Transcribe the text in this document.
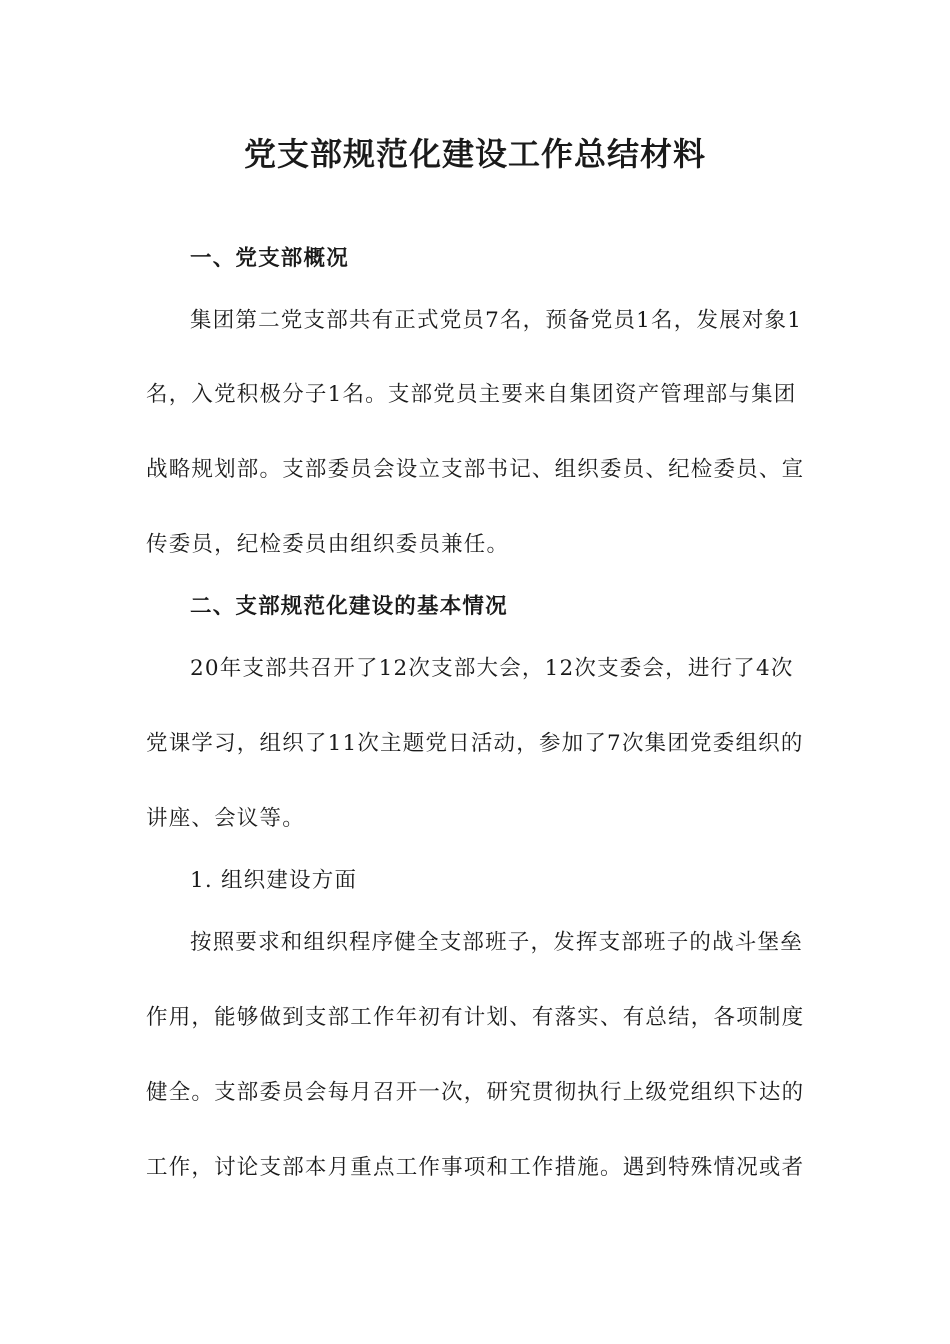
党支部规范化建设工作总结材料
一、党支部概况
集团第二党支部共有正式党员7名，预备党员1名，发展对象1
名，入党积极分子1名。支部党员主要来自集团资产管理部与集团
战略规划部。支部委员会设立支部书记、组织委员、纪检委员、宣
传委员，纪检委员由组织委员兼任。
二、支部规范化建设的基本情况
20年支部共召开了12次支部大会，12次支委会，进行了4次
党课学习，组织了11次主题党日活动，参加了7次集团党委组织的
讲座、会议等。
1. 组织建设方面
按照要求和组织程序健全支部班子，发挥支部班子的战斗堡垒
作用，能够做到支部工作年初有计划、有落实、有总结，各项制度
健全。支部委员会每月召开一次，研究贯彻执行上级党组织下达的
工作，讨论支部本月重点工作事项和工作措施。遇到特殊情况或者
